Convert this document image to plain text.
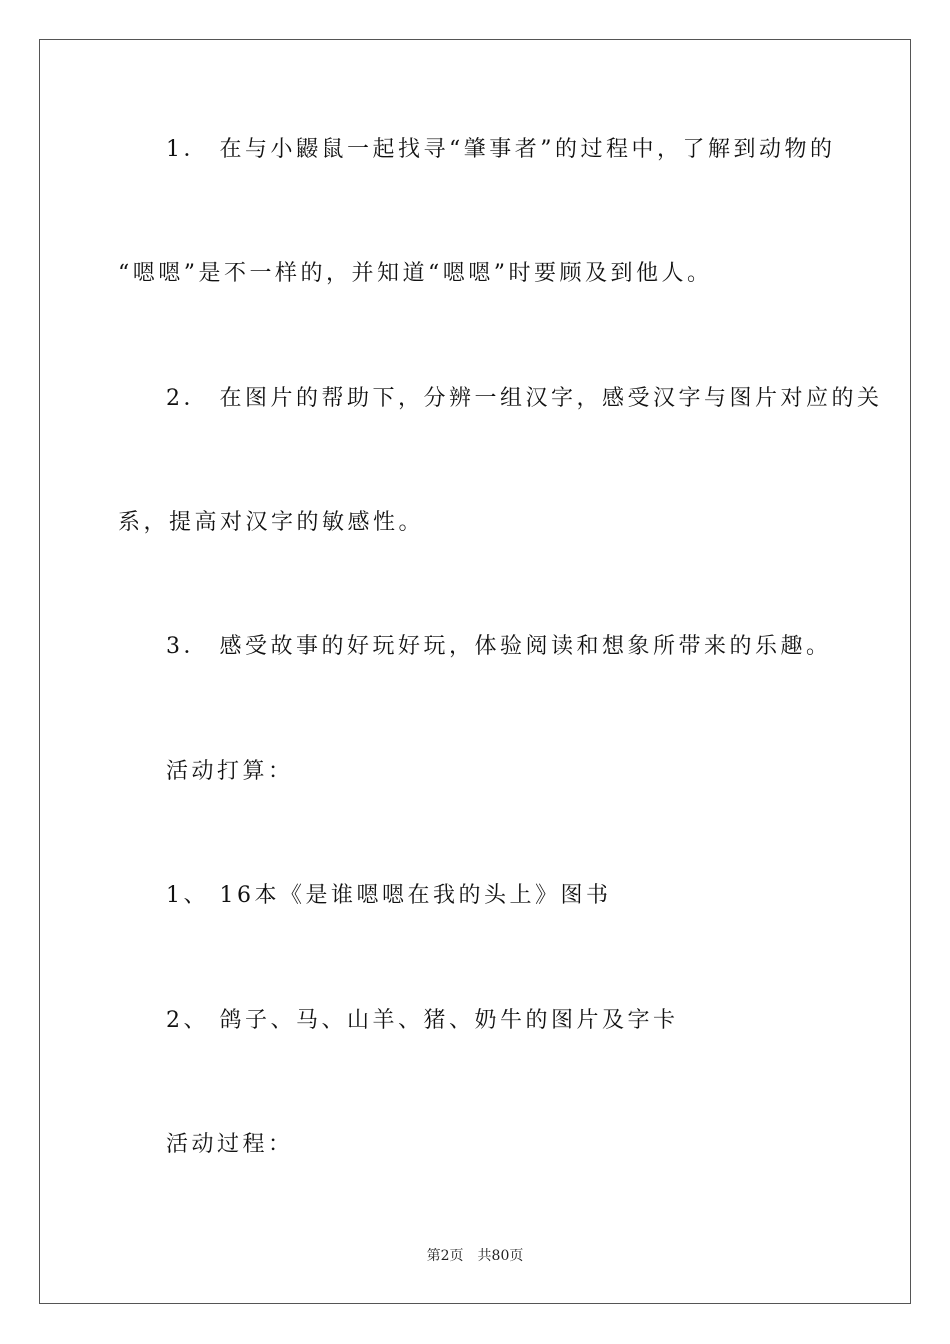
1． 在与小鼹鼠一起找寻“肇事者”的过程中，了解到动物的
“嗯嗯”是不一样的，并知道“嗯嗯”时要顾及到他人。
2． 在图片的帮助下，分辨一组汉字，感受汉字与图片对应的关
系，提高对汉字的敏感性。
3． 感受故事的好玩好玩，体验阅读和想象所带来的乐趣。
活动打算：
1、 16本《是谁嗯嗯在我的头上》图书
2、 鸽子、马、山羊、猪、奶牛的图片及字卡
活动过程：
第2页 共80页
